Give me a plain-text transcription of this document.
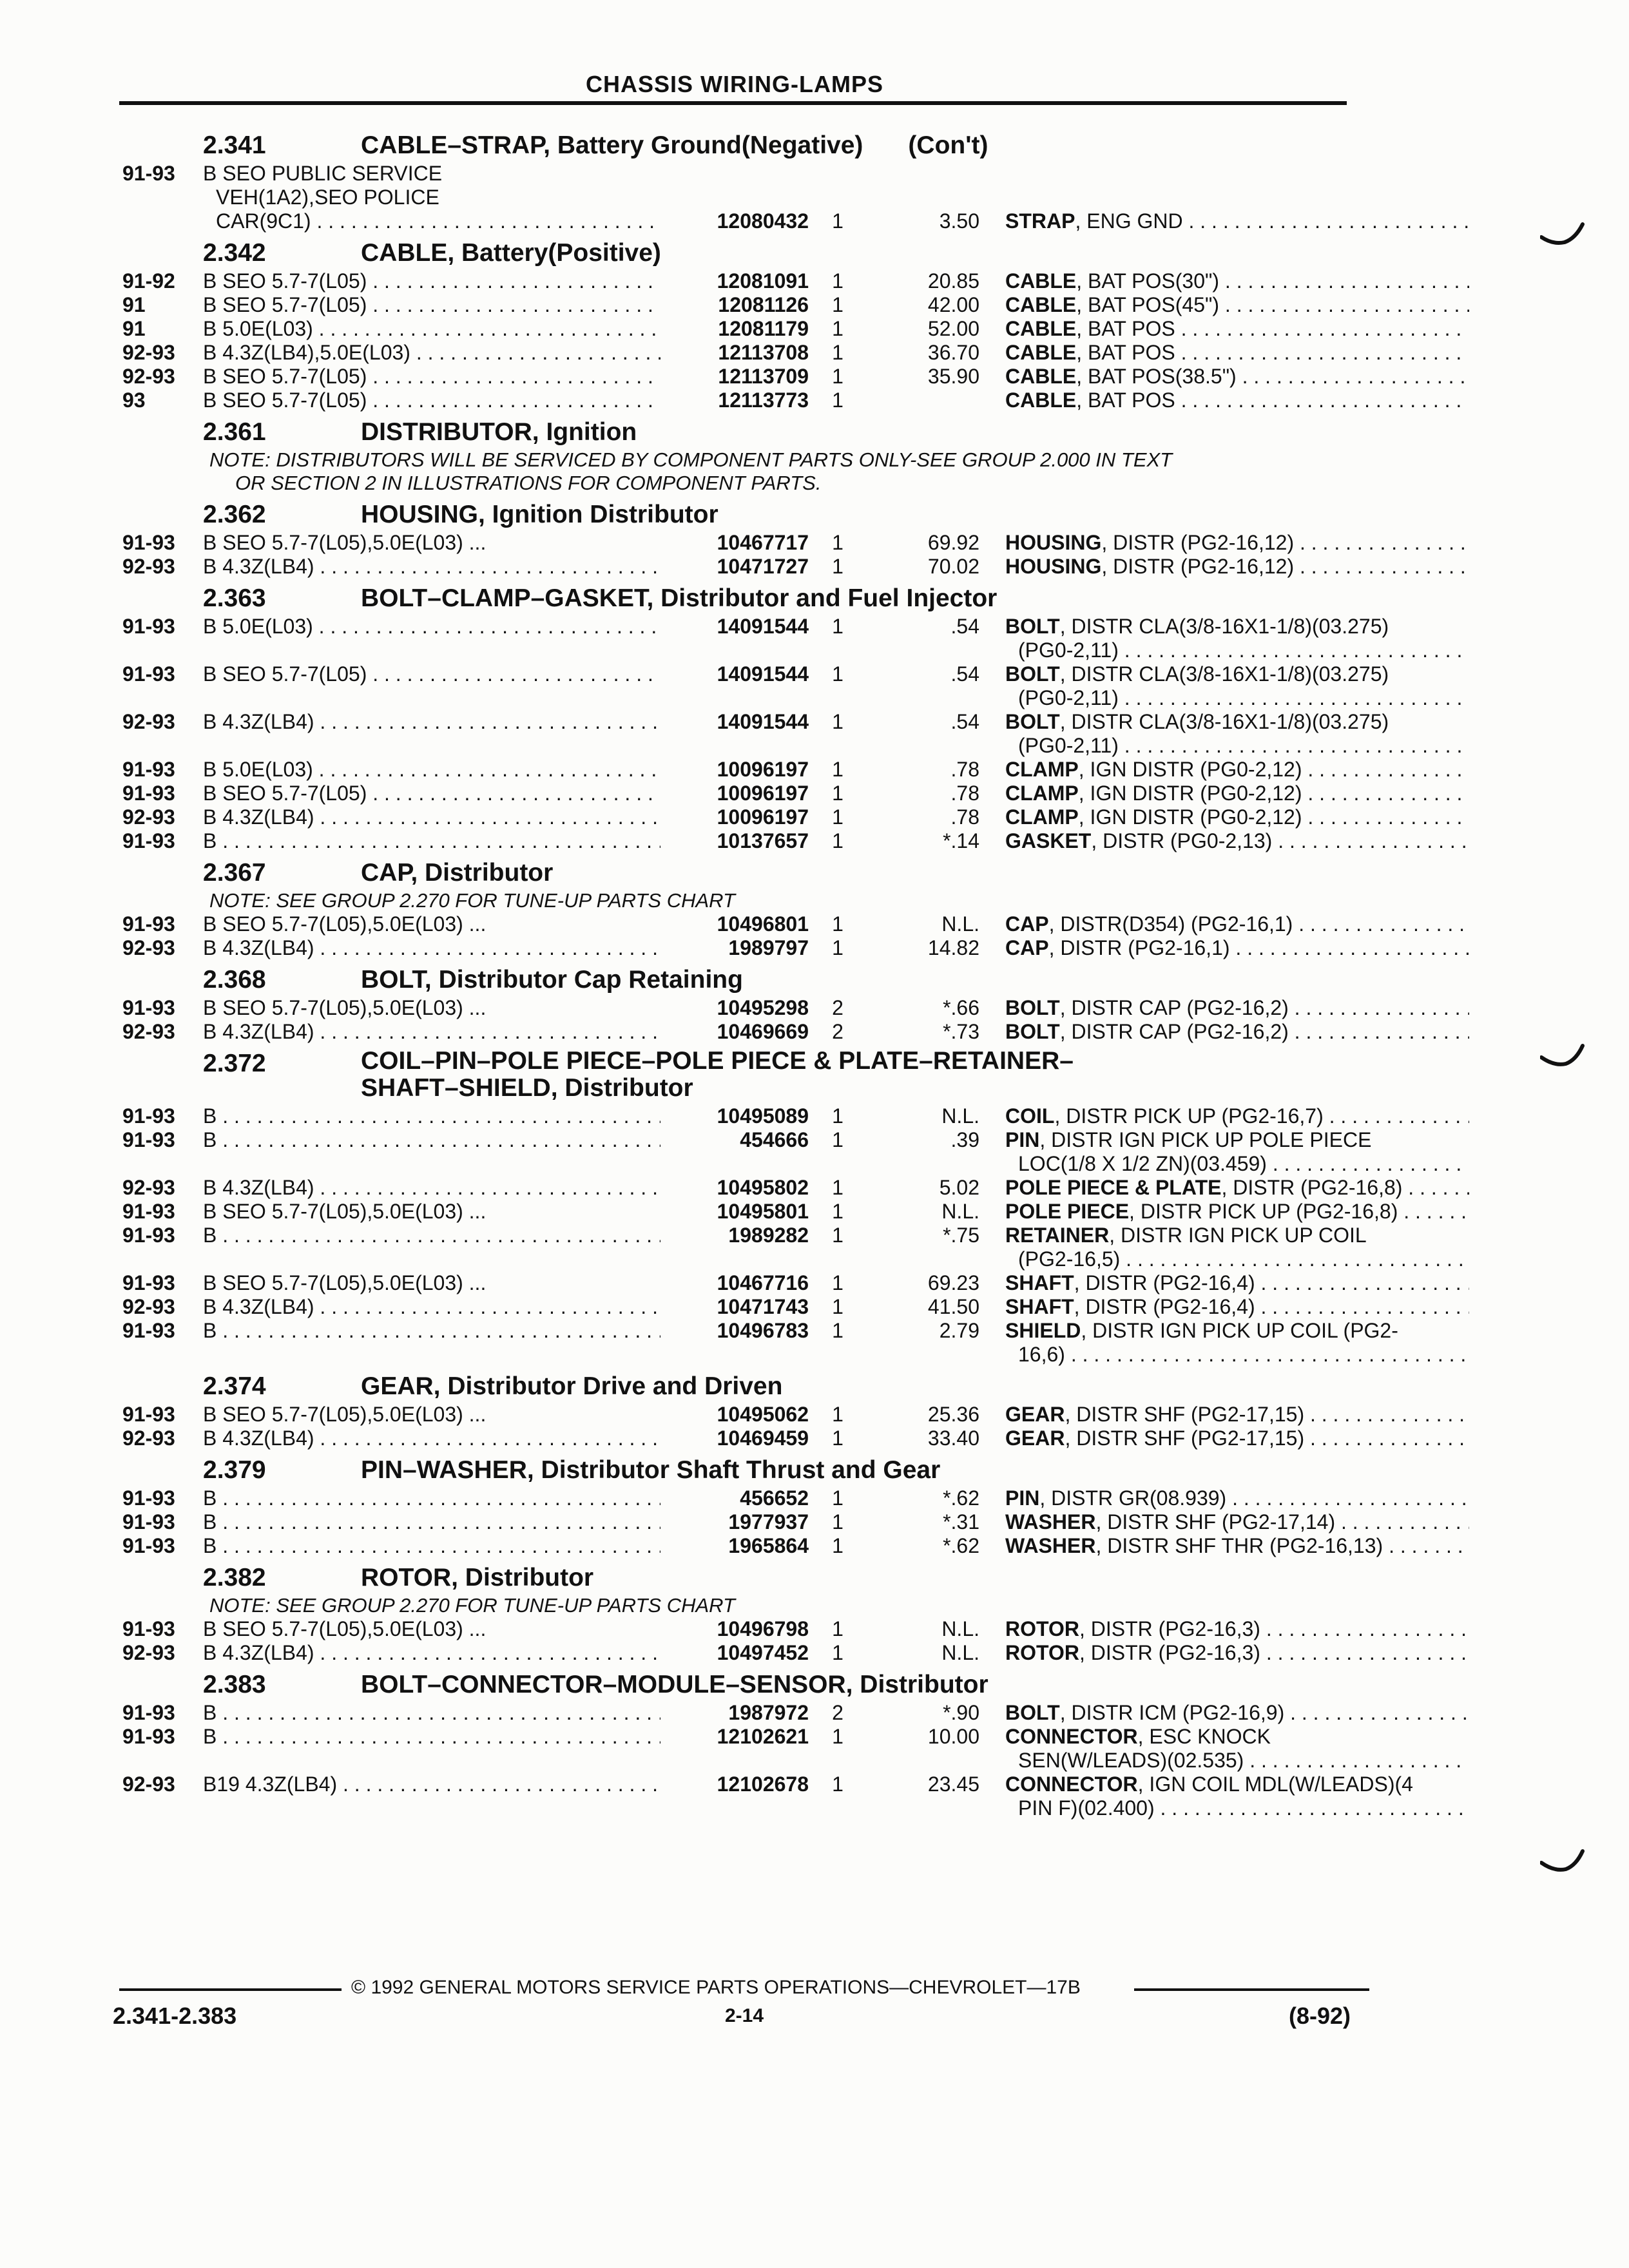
CHASSIS WIRING-LAMPS
2.341	CABLE–STRAP, Battery Ground(Negative) (Con't)
91-93 B SEO PUBLIC SERVICE
VEH(1A2),SEO POLICE
CAR(9C1) . . .	12080432	1	3.50 STRAP, ENG GND . . .
2.342	CABLE, Battery(Positive)
91-92 B SEO 5.7-7(L05) . . .	12081091	1	20.85 CABLE, BAT POS(30") . . .
91	B SEO 5.7-7(L05) . . .	12081126	1	42.00 CABLE, BAT POS(45") . . .
91	B 5.0E(L03) . . .	12081179	1	52.00 CABLE, BAT POS . . .
92-93 B 4.3Z(LB4),5.0E(L03) . . .	12113708	1	36.70 CABLE, BAT POS . . .
92-93 B SEO 5.7-7(L05) . . .	12113709	1	35.90 CABLE, BAT POS(38.5") . . .
93	B SEO 5.7-7(L05) . . .	12113773	1	CABLE, BAT POS . . .
2.361	DISTRIBUTOR, Ignition
NOTE: DISTRIBUTORS WILL BE SERVICED BY COMPONENT PARTS ONLY-SEE GROUP 2.000 IN TEXT
OR SECTION 2 IN ILLUSTRATIONS FOR COMPONENT PARTS.
2.362	HOUSING, Ignition Distributor
91-93 B SEO 5.7-7(L05),5.0E(L03) ...	10467717	1	69.92 HOUSING, DISTR (PG2-16,12) . . .
92-93 B 4.3Z(LB4) . . .	10471727	1	70.02 HOUSING, DISTR (PG2-16,12) . . .
2.363	BOLT–CLAMP–GASKET, Distributor and Fuel Injector
91-93 B 5.0E(L03) . . .	14091544	1	.54 BOLT, DISTR CLA(3/8-16X1-1/8)(03.275)
(PG0-2,11) . . .
91-93 B SEO 5.7-7(L05) . . .	14091544	1	.54 BOLT, DISTR CLA(3/8-16X1-1/8)(03.275)
(PG0-2,11) . . .
92-93 B 4.3Z(LB4) . . .	14091544	1	.54 BOLT, DISTR CLA(3/8-16X1-1/8)(03.275)
(PG0-2,11) . . .
91-93 B 5.0E(L03) . . .	10096197	1	.78 CLAMP, IGN DISTR (PG0-2,12) . . .
91-93 B SEO 5.7-7(L05) . . .	10096197	1	.78 CLAMP, IGN DISTR (PG0-2,12) . . .
92-93 B 4.3Z(LB4) . . .	10096197	1	.78 CLAMP, IGN DISTR (PG0-2,12) . . .
91-93 B . . .	10137657	1	*.14 GASKET, DISTR (PG0-2,13) . . .
2.367	CAP, Distributor
NOTE: SEE GROUP 2.270 FOR TUNE-UP PARTS CHART
91-93 B SEO 5.7-7(L05),5.0E(L03) ...	10496801	1	N.L. CAP, DISTR(D354) (PG2-16,1) . . .
92-93 B 4.3Z(LB4) . . .	1989797	1	14.82 CAP, DISTR (PG2-16,1) . . .
2.368	BOLT, Distributor Cap Retaining
91-93 B SEO 5.7-7(L05),5.0E(L03) ...	10495298	2	*.66 BOLT, DISTR CAP (PG2-16,2) . . .
92-93 B 4.3Z(LB4) . . .	10469669	2	*.73 BOLT, DISTR CAP (PG2-16,2) . . .
2.372	COIL–PIN–POLE PIECE–POLE PIECE & PLATE–RETAINER–
SHAFT–SHIELD, Distributor
91-93 B . . .	10495089	1	N.L. COIL, DISTR PICK UP (PG2-16,7) . . .
91-93 B . . .	454666	1	.39 PIN, DISTR IGN PICK UP POLE PIECE
LOC(1/8 X 1/2 ZN)(03.459) . . .
92-93 B 4.3Z(LB4) . . .	10495802	1	5.02 POLE PIECE & PLATE, DISTR (PG2-16,8) . . . .
91-93 B SEO 5.7-7(L05),5.0E(L03) ...	10495801	1	N.L. POLE PIECE, DISTR PICK UP (PG2-16,8) . . . . .
91-93 B . . .	1989282	1	*.75 RETAINER, DISTR IGN PICK UP COIL
(PG2-16,5) . . .
91-93 B SEO 5.7-7(L05),5.0E(L03) ...	10467716	1	69.23 SHAFT, DISTR (PG2-16,4) . . .
92-93 B 4.3Z(LB4) . . .	10471743	1	41.50 SHAFT, DISTR (PG2-16,4) . . .
91-93 B . . .	10496783	1	2.79 SHIELD, DISTR IGN PICK UP COIL (PG2-
16,6) . . .
2.374	GEAR, Distributor Drive and Driven
91-93 B SEO 5.7-7(L05),5.0E(L03) ...	10495062	1	25.36 GEAR, DISTR SHF (PG2-17,15) . . .
92-93 B 4.3Z(LB4) . . .	10469459	1	33.40 GEAR, DISTR SHF (PG2-17,15) . . .
2.379	PIN–WASHER, Distributor Shaft Thrust and Gear
91-93 B . . .	456652	1	*.62 PIN, DISTR GR(08.939) . . .
91-93 B . . .	1977937	1	*.31 WASHER, DISTR SHF (PG2-17,14) . . .
91-93 B . . .	1965864	1	*.62 WASHER, DISTR SHF THR (PG2-16,13) . . . . .
2.382	ROTOR, Distributor
NOTE: SEE GROUP 2.270 FOR TUNE-UP PARTS CHART
91-93 B SEO 5.7-7(L05),5.0E(L03) ...	10496798	1	N.L. ROTOR, DISTR (PG2-16,3) . . .
92-93 B 4.3Z(LB4) . . .	10497452	1	N.L. ROTOR, DISTR (PG2-16,3) . . .
2.383	BOLT–CONNECTOR–MODULE–SENSOR, Distributor
91-93 B . . .	1987972	2	*.90 BOLT, DISTR ICM (PG2-16,9) . . .
91-93 B . . .	12102621	1	10.00 CONNECTOR, ESC KNOCK
SEN(W/LEADS)(02.535) . . .
92-93 B19 4.3Z(LB4) . . .	12102678	1	23.45 CONNECTOR, IGN COIL MDL(W/LEADS)(4
PIN F)(02.400) . . .
© 1992 GENERAL MOTORS SERVICE PARTS OPERATIONS—CHEVROLET—17B
2.341-2.383	2-14	(8-92)
